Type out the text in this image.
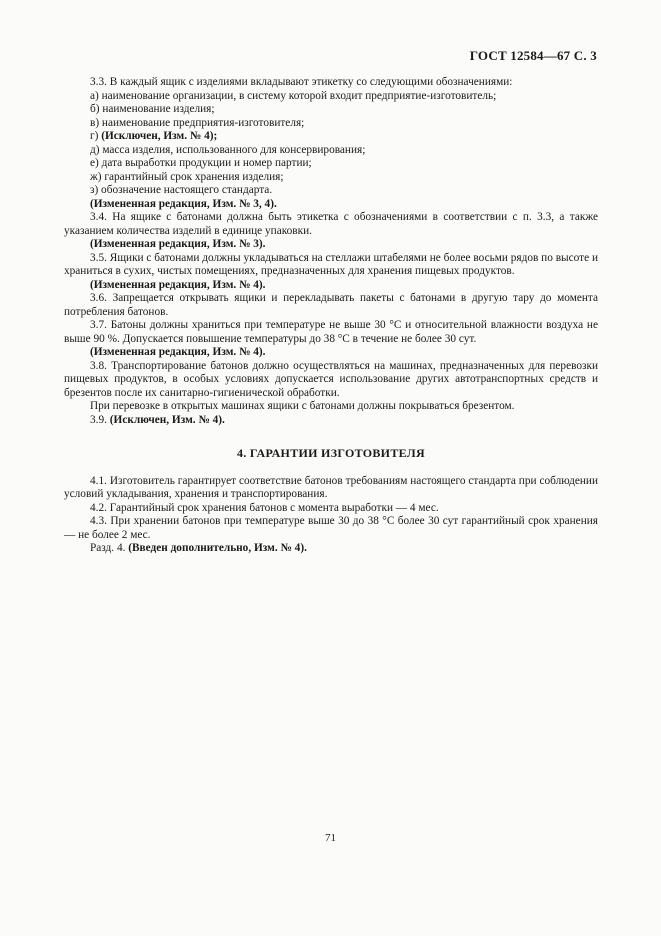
ГОСТ 12584—67 С. 3

3.3. В каждый ящик с изделиями вкладывают этикетку со следующими обозначениями:

а) наименование организации, в систему которой входит предприятие-изготовитель;

б) наименование изделия;

в) наименование предприятия-изготовителя;

г) (Исключен, Изм. № 4);

д) масса изделия, использованного для консервирования;

е) дата выработки продукции и номер партии;

ж) гарантийный срок хранения изделия;

з) обозначение настоящего стандарта.

(Измененная редакция, Изм. № 3, 4).

3.4. На ящике с батонами должна быть этикетка с обозначениями в соответствии с п. 3.3, а также указанием количества изделий в единице упаковки.

(Измененная редакция, Изм. № 3).

3.5. Ящики с батонами должны укладываться на стеллажи штабелями не более восьми рядов по высоте и храниться в сухих, чистых помещениях, предназначенных для хранения пищевых продуктов.

(Измененная редакция, Изм. № 4).

3.6. Запрещается открывать ящики и перекладывать пакеты с батонами в другую тару до момента потребления батонов.

3.7. Батоны должны храниться при температуре не выше 30 °С и относительной влажности воздуха не выше 90 %. Допускается повышение температуры до 38 °С в течение не более 30 сут.

(Измененная редакция, Изм. № 4).

3.8. Транспортирование батонов должно осуществляться на машинах, предназначенных для перевозки пищевых продуктов, в особых условиях допускается использование других автотранспортных средств и брезентов после их санитарно-гигиенической обработки.

При перевозке в открытых машинах ящики с батонами должны покрываться брезентом.

3.9. (Исключен, Изм. № 4).

4. ГАРАНТИИ ИЗГОТОВИТЕЛЯ

4.1. Изготовитель гарантирует соответствие батонов требованиям настоящего стандарта при соблюдении условий укладывания, хранения и транспортирования.

4.2. Гарантийный срок хранения батонов с момента выработки — 4 мес.

4.3. При хранении батонов при температуре выше 30 до 38 °С более 30 сут гарантийный срок хранения — не более 2 мес.

Разд. 4. (Введен дополнительно, Изм. № 4).

71
